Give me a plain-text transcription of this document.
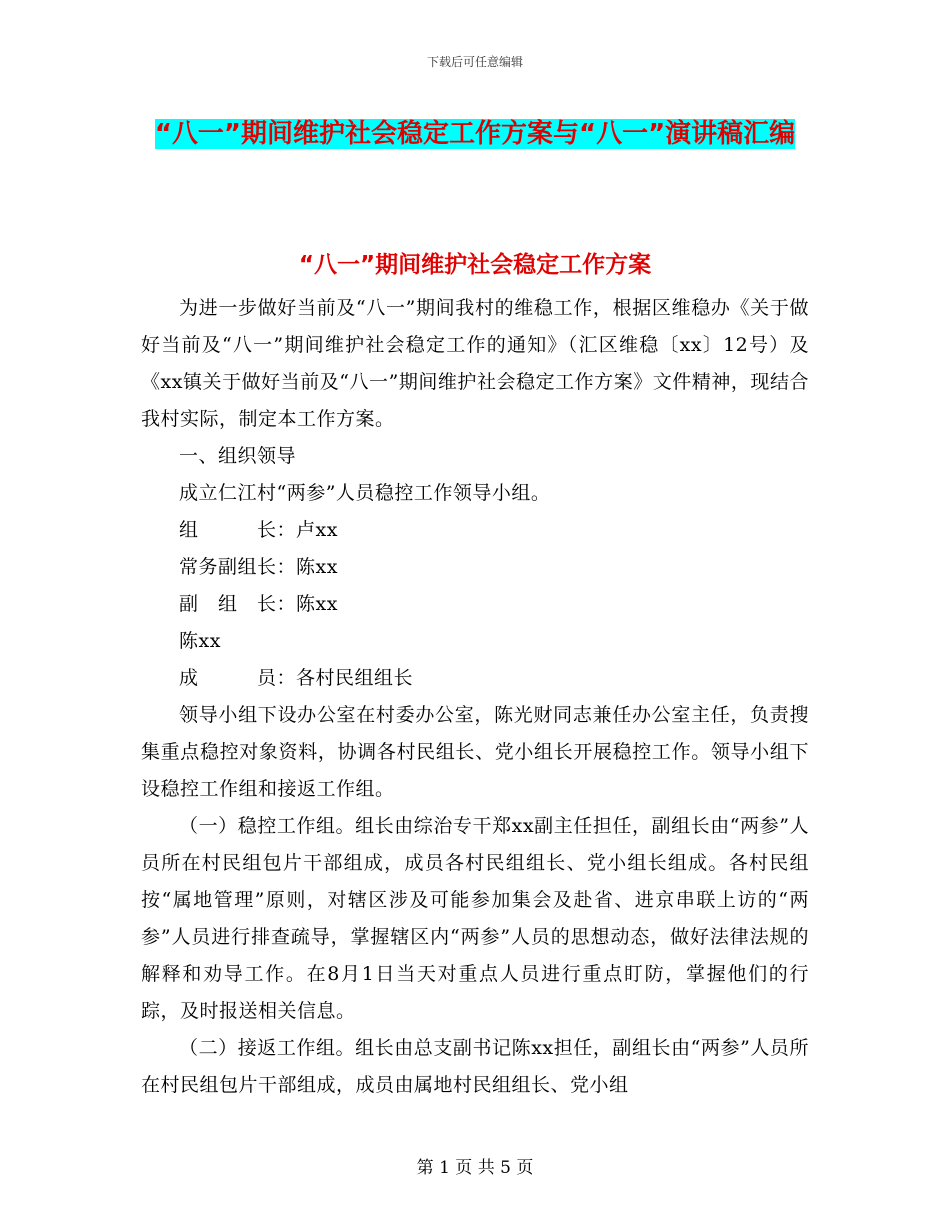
下载后可任意编辑
“八一”期间维护社会稳定工作方案与“八一”演讲稿汇编
“八一”期间维护社会稳定工作方案

为进一步做好当前及“八一”期间我村的维稳工作，根据区维稳办《关于做好当前及“八一”期间维护社会稳定工作的通知》（汇区维稳〔xx〕12号）及《xx镇关于做好当前及“八一”期间维护社会稳定工作方案》文件精神，现结合我村实际，制定本工作方案。

一、组织领导

成立仁江村“两参”人员稳控工作领导小组。

组　　　长：卢xx

常务副组长：陈xx

副　组　长：陈xx

陈xx

成　　　员：各村民组组长

领导小组下设办公室在村委办公室，陈光财同志兼任办公室主任，负责搜集重点稳控对象资料，协调各村民组长、党小组长开展稳控工作。领导小组下设稳控工作组和接返工作组。

（一）稳控工作组。组长由综治专干郑xx副主任担任，副组长由“两参”人员所在村民组包片干部组成，成员各村民组组长、党小组长组成。各村民组按“属地管理”原则，对辖区涉及可能参加集会及赴省、进京串联上访的“两参”人员进行排查疏导，掌握辖区内“两参”人员的思想动态，做好法律法规的解释和劝导工作。在8月1日当天对重点人员进行重点盯防，掌握他们的行踪，及时报送相关信息。

（二）接返工作组。组长由总支副书记陈xx担任，副组长由“两参”人员所在村民组包片干部组成，成员由属地村民组组长、党小组

第 1 页 共 5 页
